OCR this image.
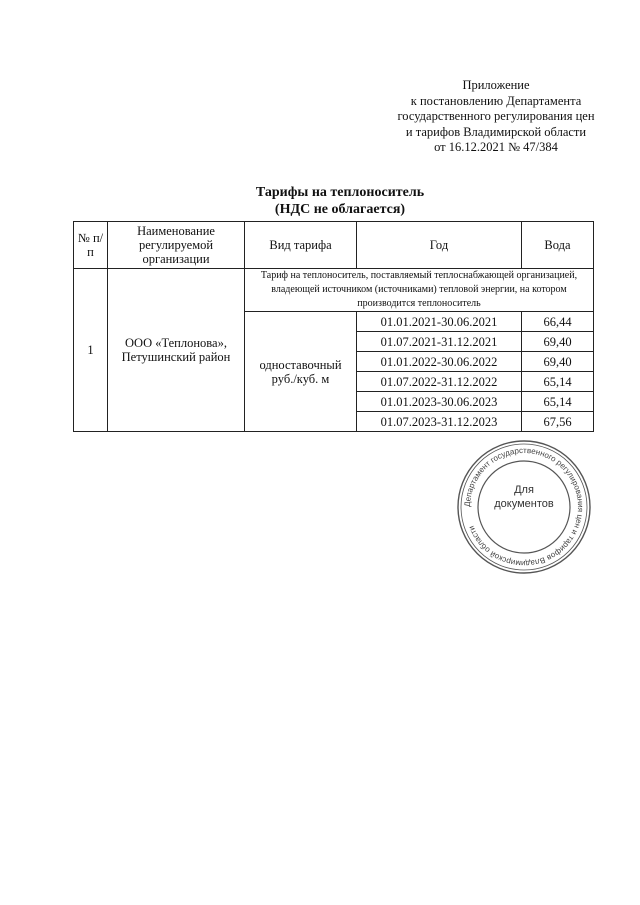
Приложение
к постановлению Департамента
государственного регулирования цен
и тарифов Владимирской области
от 16.12.2021 № 47/384
Тарифы на теплоноситель
(НДС не облагается)
№ п/п	Наименование регулируемой организации	Вид тарифа	Год	Вода
1	ООО «Теплонова», Петушинский район	Тариф на теплоноситель, поставляемый теплоснабжающей организацией, владеющей источником (источниками) тепловой энергии, на котором производится теплоноситель		
		одноставочный руб./куб. м	01.01.2021-30.06.2021	66,44
			01.07.2021-31.12.2021	69,40
			01.01.2022-30.06.2022	69,40
			01.07.2022-31.12.2022	65,14
			01.01.2023-30.06.2023	65,14
			01.07.2023-31.12.2023	67,56
Департамент государственного регулирования цен и тарифов Владимирской области
Для
документов
